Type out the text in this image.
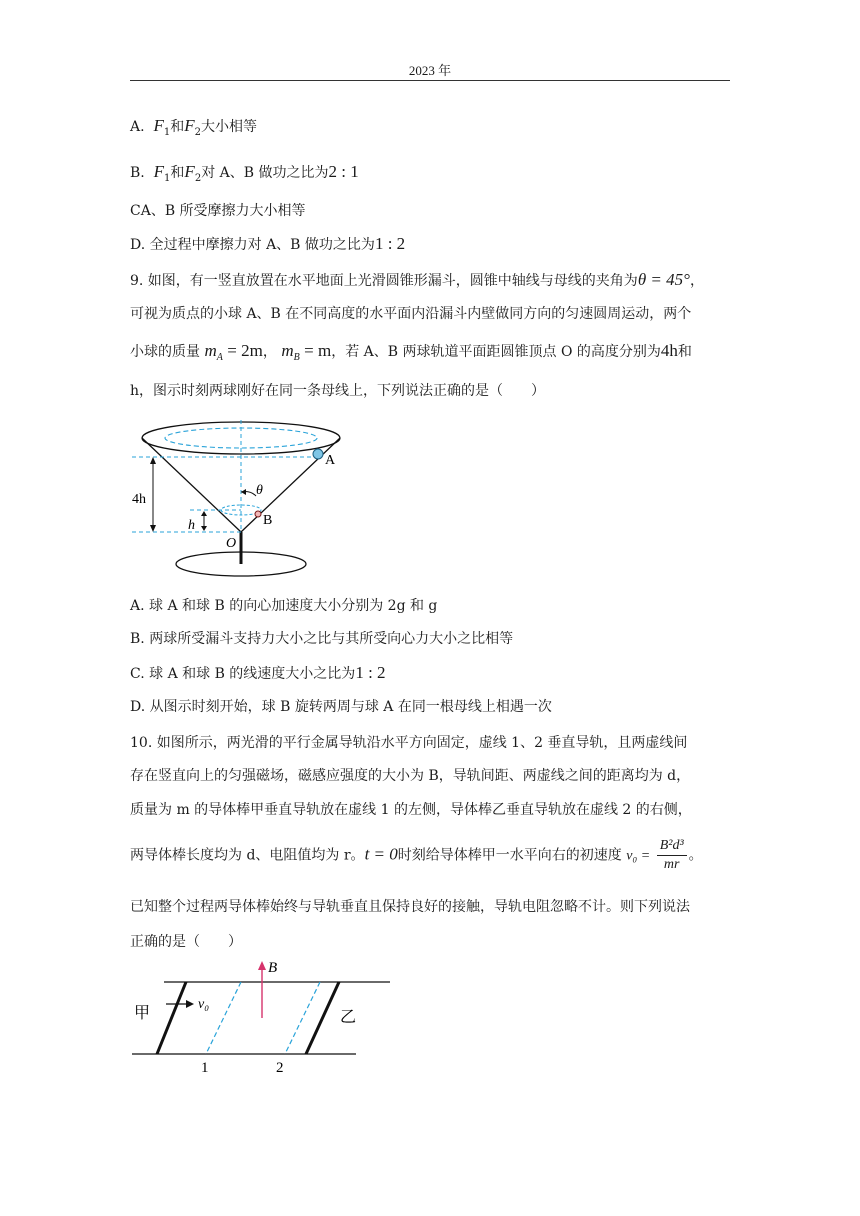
2023 年
A. $F_1$和$F_2$大小相等
B. $F_1$和$F_2$对 A、B 做功之比为2 : 1
CA、B 所受摩擦力大小相等
D. 全过程中摩擦力对 A、B 做功之比为1 : 2
9. 如图，有一竖直放置在水平地面上光滑圆锥形漏斗，圆锥中轴线与母线的夹角为θ = 45°，
可视为质点的小球 A、B 在不同高度的水平面内沿漏斗内壁做同方向的匀速圆周运动，两个
小球的质量 $m_A = 2m$， $m_B = m$，若 A、B 两球轨道平面距圆锥顶点 O 的高度分别为4h和
h，图示时刻两球刚好在同一条母线上，下列说法正确的是（　　）
A
B
O
4h
h
θ
A. 球 A 和球 B 的向心加速度大小分别为 2g 和 g
B. 两球所受漏斗支持力大小之比与其所受向心力大小之比相等
C. 球 A 和球 B 的线速度大小之比为1 : 2
D. 从图示时刻开始，球 B 旋转两周与球 A 在同一根母线上相遇一次
10. 如图所示，两光滑的平行金属导轨沿水平方向固定，虚线 1、2 垂直导轨，且两虚线间
存在竖直向上的匀强磁场，磁感应强度的大小为 B，导轨间距、两虚线之间的距离均为 d，
质量为 m 的导体棒甲垂直导轨放在虚线 1 的左侧，导体棒乙垂直导轨放在虚线 2 的右侧，
两导体棒长度均为 d、电阻值均为 r。t = 0时刻给导体棒甲一水平向右的初速度 $v_0 = \frac{\text{B²d³}}{mr}$ 。
已知整个过程两导体棒始终与导轨垂直且保持良好的接触，导轨电阻忽略不计。则下列说法
正确的是（　　）
B
甲
v₀
乙
1	2
